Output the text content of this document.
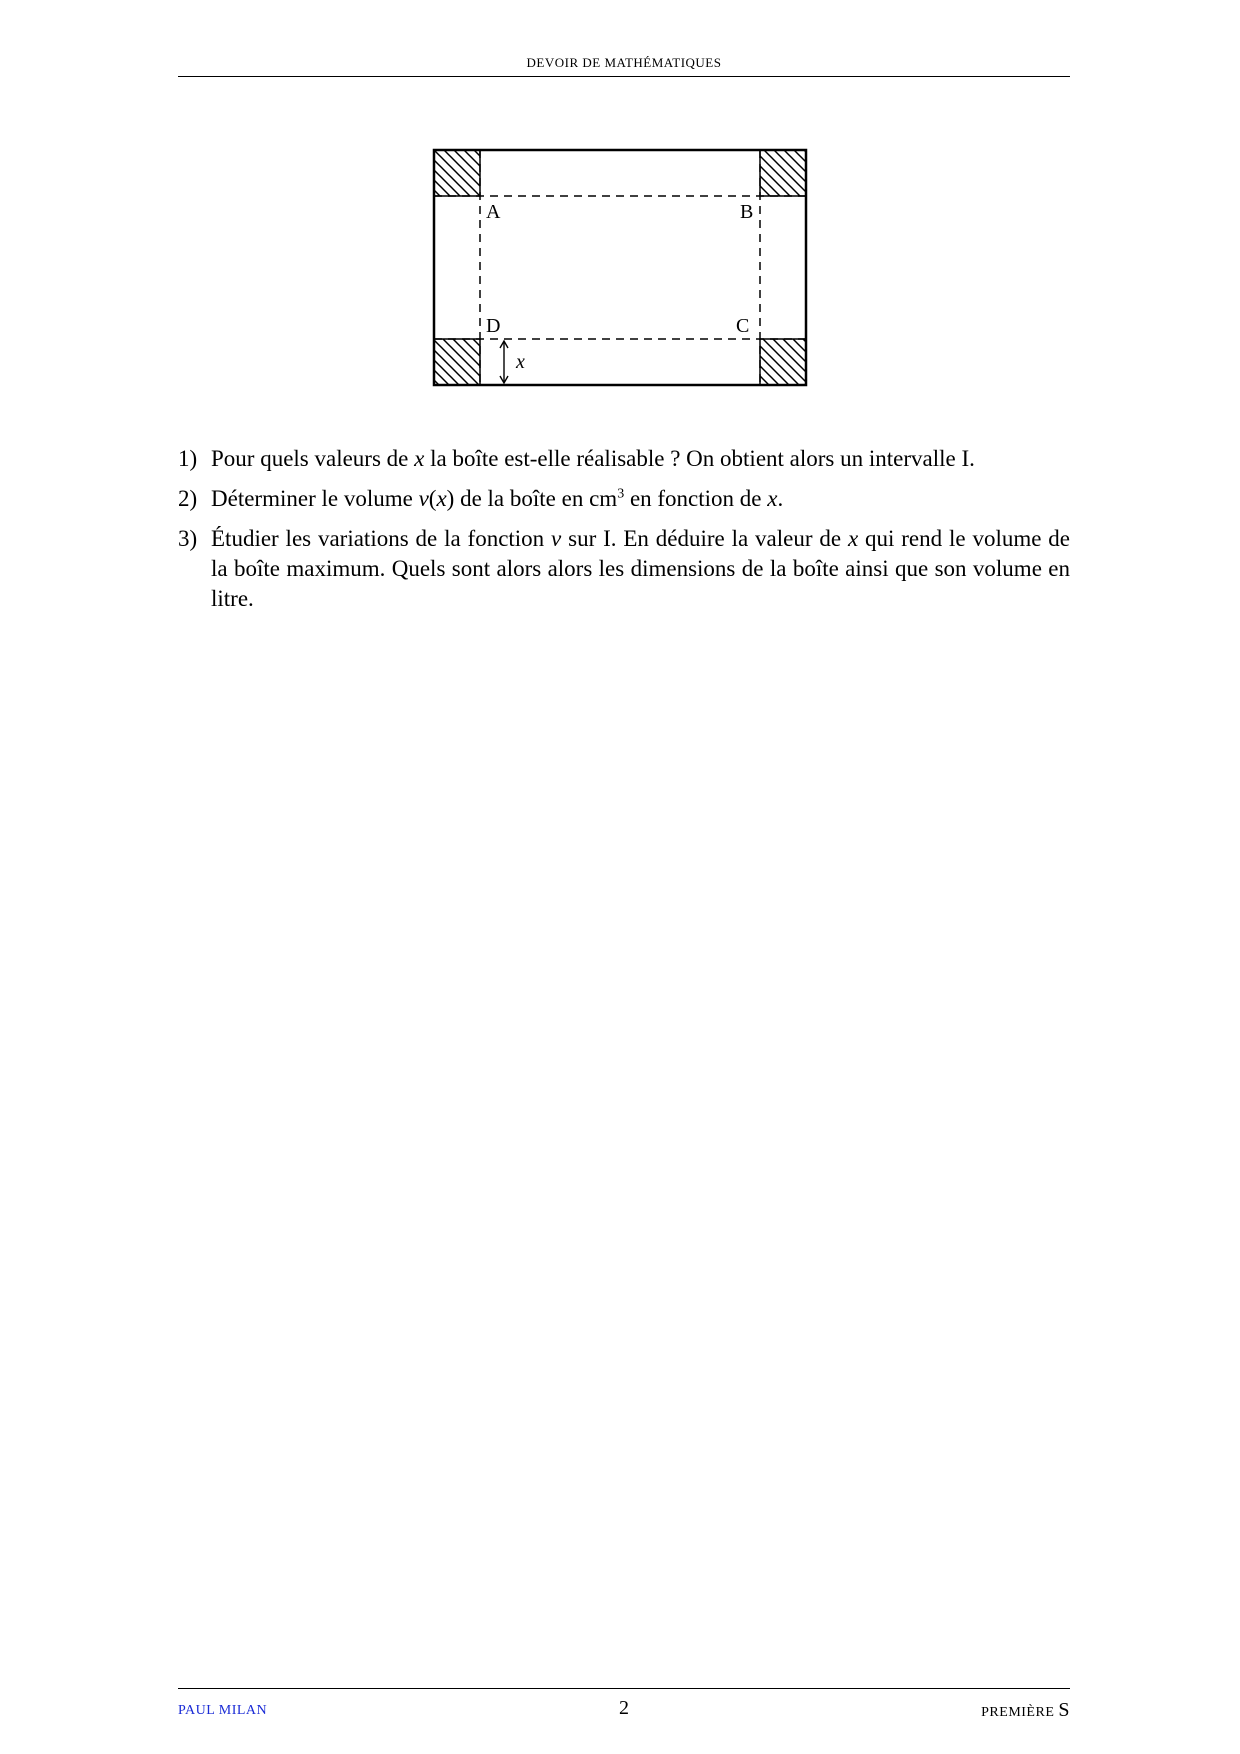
DEVOIR DE MATHÉMATIQUES
A	B
C
D
x
1) Pour quels valeurs de x la boîte est-elle réalisable ? On obtient alors un intervalle I.
2) Déterminer le volume v(x) de la boîte en $cm^3$ en fonction de x.
3) Étudier les variations de la fonction v sur I. En déduire la valeur de x qui rend le volume de la boîte maximum. Quels sont alors alors les dimensions de la boîte ainsi que son volume en litre.
PAUL MILAN	2	PREMIÈRE S
